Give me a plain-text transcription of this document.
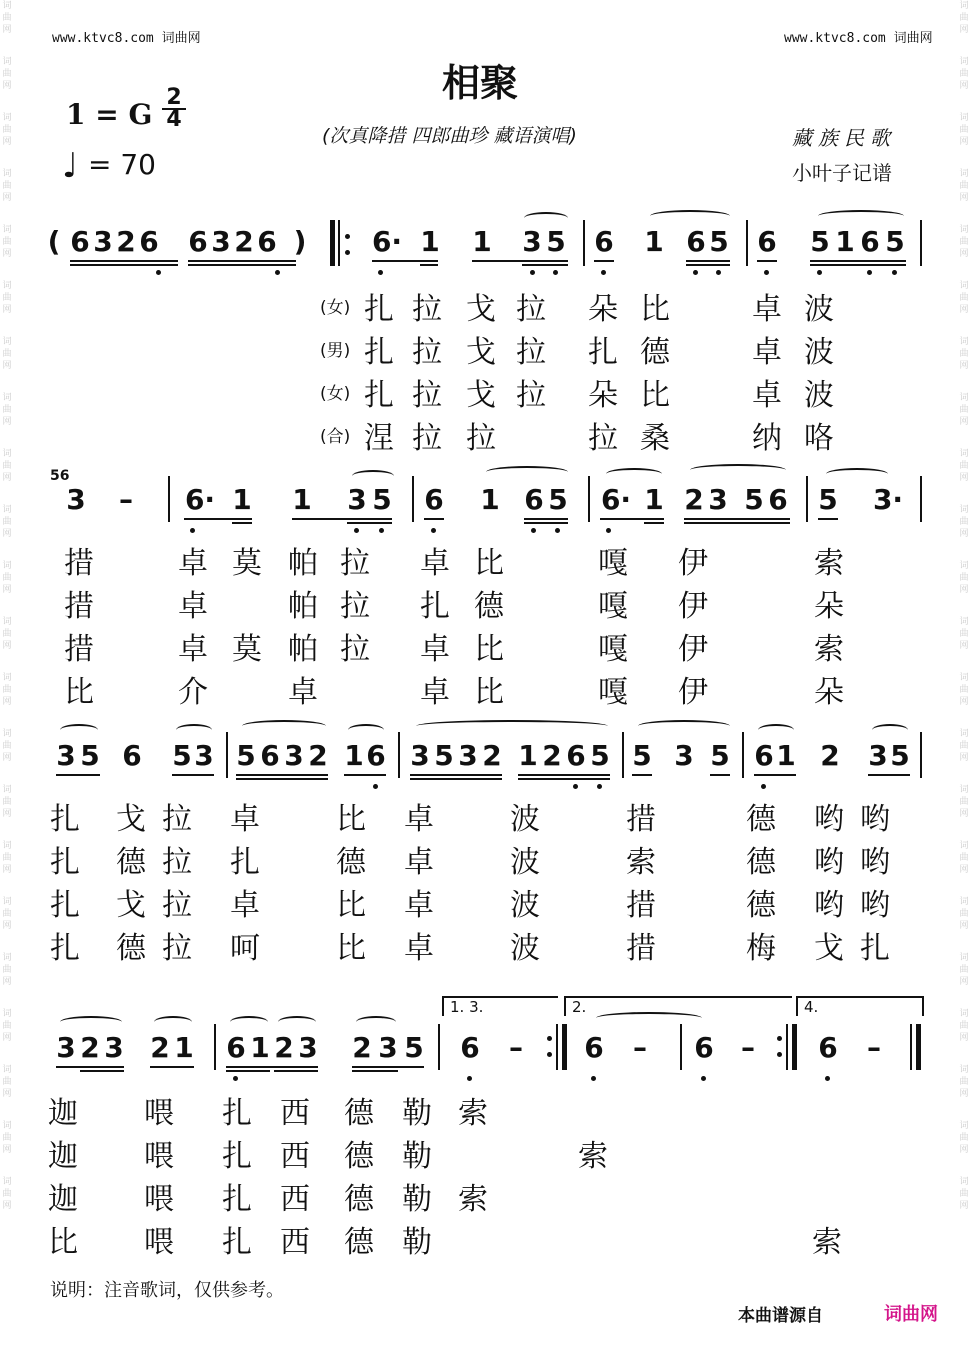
词曲网
词曲网
词曲网
词曲网
词曲网
词曲网
词曲网
词曲网
词曲网
词曲网
词曲网
词曲网
词曲网
词曲网
词曲网
词曲网
词曲网
词曲网
词曲网
词曲网
词曲网
词曲网
词曲网
词曲网
词曲网
词曲网
词曲网
词曲网
词曲网
词曲网
词曲网
词曲网
词曲网
词曲网
词曲网
词曲网
词曲网
词曲网
词曲网
词曲网
词曲网
词曲网
词曲网
词曲网
www.ktvc8.com 词曲网	www.ktvc8.com 词曲网
相聚
1 = G
2
4
♩ = 70
(次真降措 四郎曲珍 藏语演唱)	藏族民歌
小叶子记谱
( 6 3 2 6 6 3 2 6 ) 6· 1 1 3 5 6 1 6 5 6 5 1 6 5
(女)
(男)
(女)
(合)
扎 拉 戈 拉 朵 比	卓 波
扎 拉 戈 拉 扎 德	卓 波
扎 拉 戈 拉 朵 比	卓 波
涅 拉 拉	拉 桑	纳 咯
56
3 – 6· 1 1 3 5 6 1 6 5 6· 1 2 3 5 6 5 3·
措	卓 莫 帕 拉 卓 比	嘎 伊	索
措	卓	帕 拉 扎 德	嘎 伊	朵
措	卓 莫 帕 拉 卓 比	嘎 伊	索
比	介	卓	卓 比	嘎 伊	朵
3 5 6 5 3 5 6 3 2 1 6 3 5 3 2 1 2 6 5 5 3 5 6 1 2 3 5
扎 戈 拉 卓	比 卓	波	措	德 哟 哟
扎 德 拉 扎	德 卓	波	索	德 哟 哟
扎 戈 拉 卓	比 卓	波	措	德 哟 哟
扎 德 拉 呵	比 卓	波	措	梅 戈 扎
1. 3.	2.	4.
3 2 3 2 1 6 1 2 3 2 3 5 6 – 6 – 6 – 6 –
迦 喂 扎 西 德 勒 索
迦 喂 扎 西 德 勒	索
迦 喂 扎 西 德 勒 索
比 喂 扎 西 德 勒	索
说明：注音歌词，仅供参考。
本曲谱源自	词曲网
